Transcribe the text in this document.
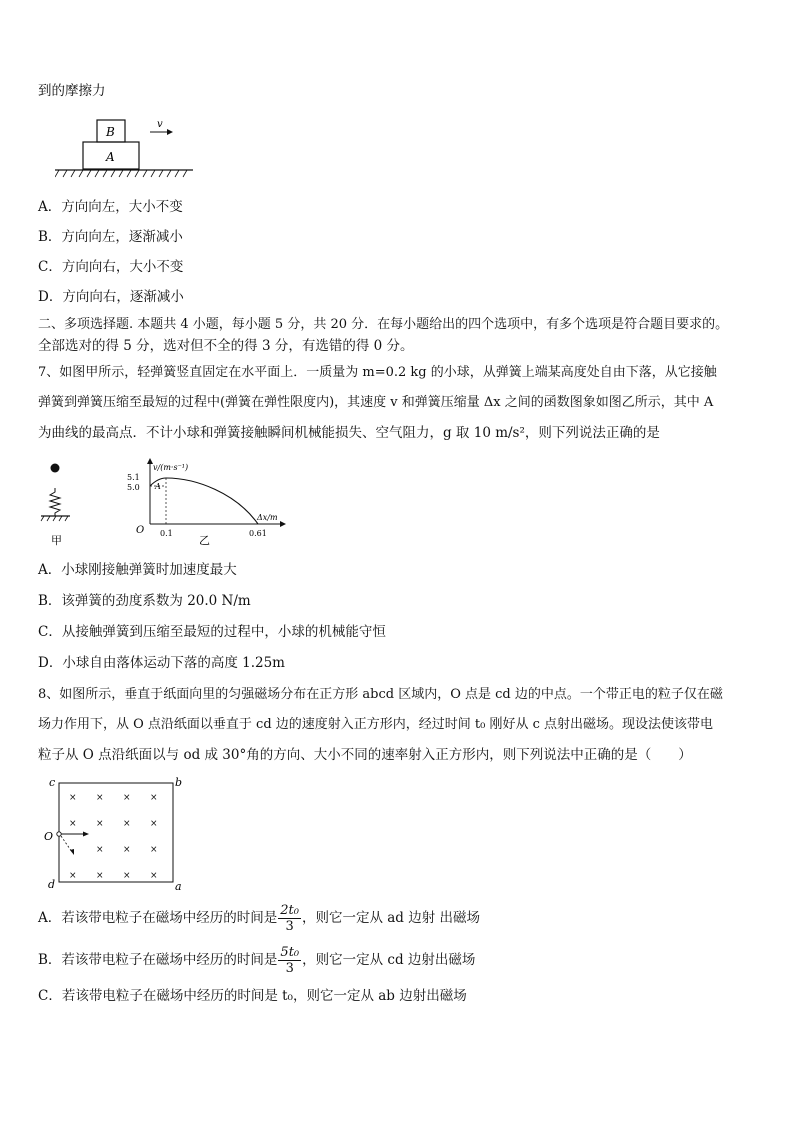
到的摩擦力
B
A
v
A．方向向左，大小不变
B．方向向左，逐渐减小
C．方向向右，大小不变
D．方向向右，逐渐减小
二、多项选择题. 本题共 4 小题，每小题 5 分，共 20 分．在每小题给出的四个选项中，有多个选项是符合题目要求的。
全部选对的得 5 分，选对但不全的得 3 分，有选错的得 0 分。
7、如图甲所示，轻弹簧竖直固定在水平面上．一质量为 m=0.2 kg 的小球，从弹簧上端某高度处自由下落，从它接触
弹簧到弹簧压缩至最短的过程中(弹簧在弹性限度内)，其速度 v 和弹簧压缩量 Δx 之间的函数图象如图乙所示，其中 A
为曲线的最高点．不计小球和弹簧接触瞬间机械能损失、空气阻力，g 取 10 m/s²，则下列说法正确的是
甲
v/(m·s⁻¹)
Δx/m
O
5.1
5.0 A
0.1	0.61
乙
A．小球刚接触弹簧时加速度最大
B．该弹簧的劲度系数为 20.0 N/m
C．从接触弹簧到压缩至最短的过程中，小球的机械能守恒
D．小球自由落体运动下落的高度 1.25m
8、如图所示，垂直于纸面向里的匀强磁场分布在正方形 abcd 区域内，O 点是 cd 边的中点。一个带正电的粒子仅在磁
场力作用下，从 O 点沿纸面以垂直于 cd 边的速度射入正方形内，经过时间 t₀ 刚好从 c 点射出磁场。现设法使该带电
粒子从 O 点沿纸面以与 od 成 30°角的方向、大小不同的速率射入正方形内，则下列说法中正确的是（　　）
c	b
d	a
O
× × × ×
× × × ×
× × ×
× × × ×
A．若该带电粒子在磁场中经历的时间是 $\frac{\text{2t₀}}{3}$ ，则它一定从 ad 边射 出磁场
B．若该带电粒子在磁场中经历的时间是 $\frac{\text{5t₀}}{3}$ ，则它一定从 cd 边射出磁场
C．若该带电粒子在磁场中经历的时间是 t₀，则它一定从 ab 边射出磁场
